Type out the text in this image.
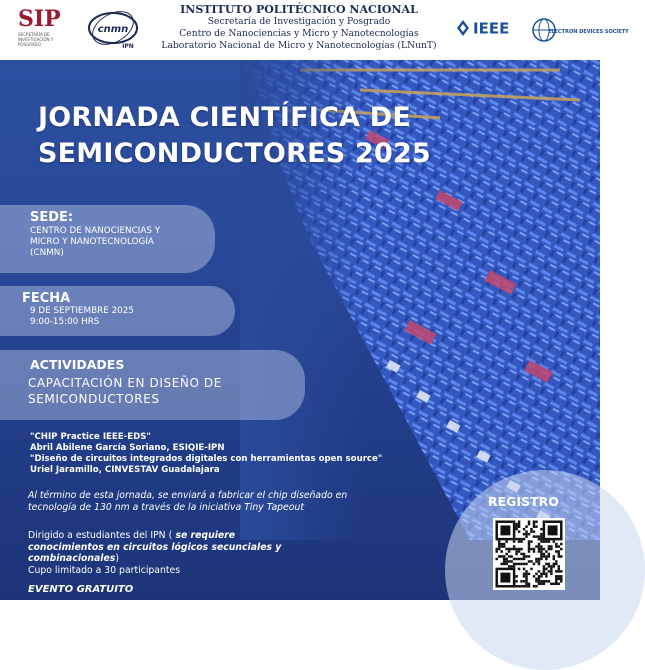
SIP
SECRETARÍA DE INVESTIGACIÓN Y POSGRADO
cnmn
IPN
INSTITUTO POLITÉCNICO NACIONAL
Secretaría de Investigación y Posgrado
Centro de Nanociencias y Micro y Nanotecnologías
Laboratorio Nacional de Micro y Nanotecnologías (LNunT)
IEEE	ELECTRON DEVICES SOCIETY
JORNADA CIENTÍFICA DE
SEMICONDUCTORES 2025
SEDE:
CENTRO DE NANOCIENCIAS Y
MICRO Y NANOTECNOLOGÍA
(CNMN)
FECHA
9 DE SEPTIEMBRE 2025
9:00-15:00 HRS
ACTIVIDADES
CAPACITACIÓN EN DISEÑO DE
SEMICONDUCTORES
"CHIP Practice IEEE-EDS"
Abril Abilene García Soriano, ESIQIE-IPN
"Diseño de circuitos integrados digitales con herramientas open source"
Uriel Jaramillo, CINVESTAV Guadalajara
Al término de esta jornada, se enviará a fabricar el chip diseñado en
tecnología de 130 nm a través de la iniciativa Tiny Tapeout
Dirigido a estudiantes del IPN ( se requiere
conocimientos en circuitos lógicos secunciales y
combinacionales)
Cupo limitado a 30 participantes
EVENTO GRATUITO
REGISTRO
